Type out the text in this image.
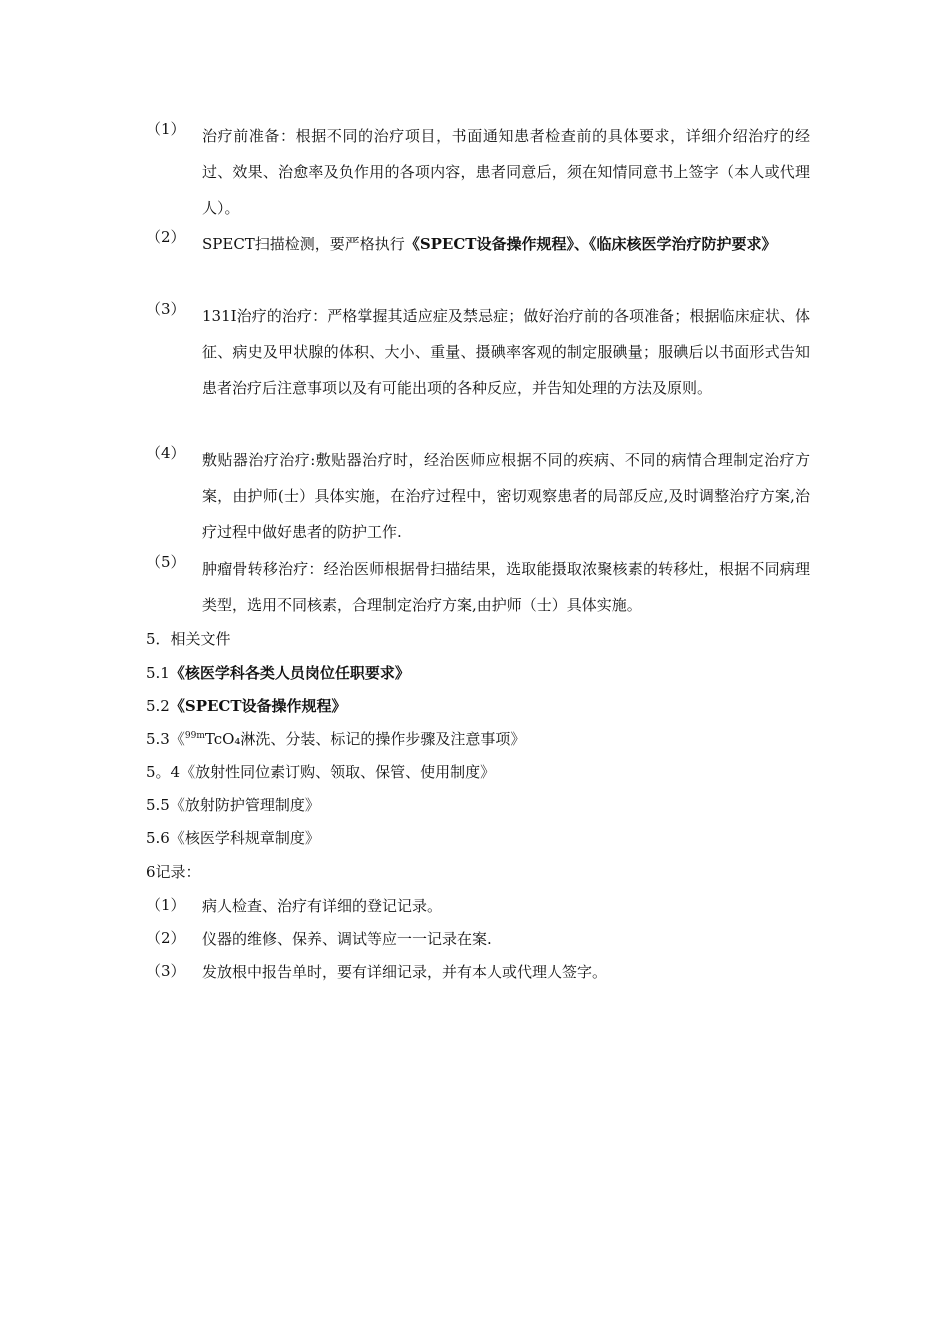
（1）	治疗前准备：根据不同的治疗项目，书面通知患者检查前的具体要求，详细介绍治疗的经过、效果、治愈率及负作用的各项内容，患者同意后，须在知情同意书上签字（本人或代理人）。
（2）	SPECT扫描检测，要严格执行《SPECT设备操作规程》、《临床核医学治疗防护要求》
（3）	131I治疗的治疗：严格掌握其适应症及禁忌症；做好治疗前的各项准备；根据临床症状、体征、病史及甲状腺的体积、大小、重量、摄碘率客观的制定服碘量；服碘后以书面形式告知患者治疗后注意事项以及有可能出项的各种反应，并告知处理的方法及原则。
（4）	敷贴器治疗治疗:敷贴器治疗时，经治医师应根据不同的疾病、不同的病情合理制定治疗方案，由护师(士）具体实施，在治疗过程中，密切观察患者的局部反应,及时调整治疗方案,治疗过程中做好患者的防护工作.
（5）	肿瘤骨转移治疗：经治医师根据骨扫描结果，选取能摄取浓聚核素的转移灶，根据不同病理类型，选用不同核素，合理制定治疗方案,由护师（士）具体实施。
5．相关文件
5.1《核医学科各类人员岗位任职要求》
5.2《SPECT设备操作规程》
5.3《$^{99m}$TcO₄淋洗、分装、标记的操作步骤及注意事项》
5。4《放射性同位素订购、领取、保管、使用制度》
5.5《放射防护管理制度》
5.6《核医学科规章制度》
6记录：
（1）	病人检查、治疗有详细的登记记录。
（2）	仪器的维修、保养、调试等应一一记录在案.
（3）	发放根中报告单时，要有详细记录，并有本人或代理人签字。
